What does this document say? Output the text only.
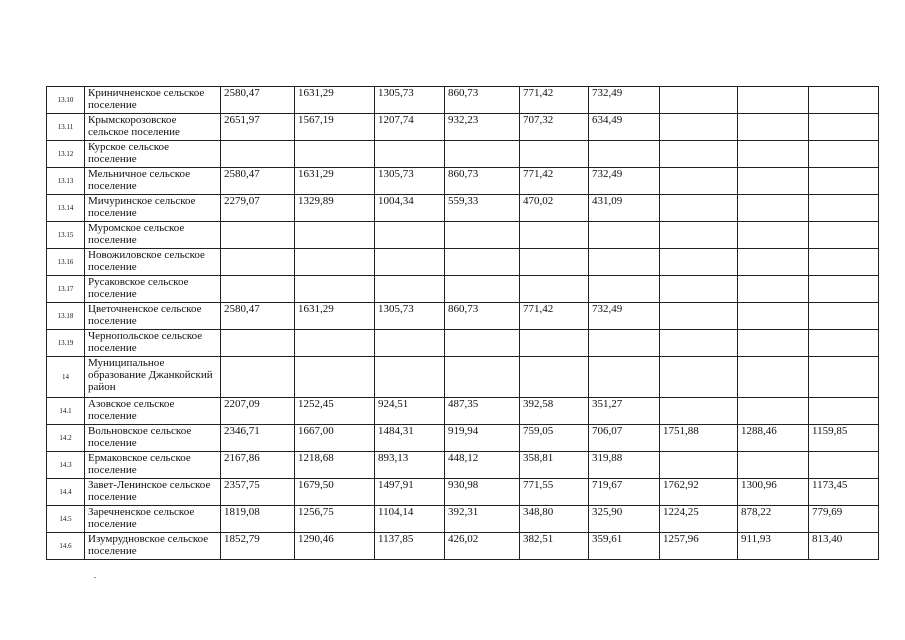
13.10	Криничненское сельское поселение	2580,47	1631,29	1305,73	860,73	771,42	732,49			
13.11	Крымскорозовское сельское поселение	2651,97	1567,19	1207,74	932,23	707,32	634,49			
13.12	Курское сельское поселение									
13.13	Мельничное сельское поселение	2580,47	1631,29	1305,73	860,73	771,42	732,49			
13.14	Мичуринское сельское поселение	2279,07	1329,89	1004,34	559,33	470,02	431,09			
13.15	Муромское сельское поселение									
13.16	Новожиловское сельское поселение									
13.17	Русаковское сельское поселение									
13.18	Цветочненское сельское поселение	2580,47	1631,29	1305,73	860,73	771,42	732,49			
13.19	Чернопольское сельское поселение									
14	Муниципальное образование Джанкойский район									
14.1	Азовское сельское поселение	2207,09	1252,45	924,51	487,35	392,58	351,27			
14.2	Вольновское сельское поселение	2346,71	1667,00	1484,31	919,94	759,05	706,07	1751,88	1288,46	1159,85
14.3	Ермаковское сельское поселение	2167,86	1218,68	893,13	448,12	358,81	319,88			
14.4	Завет-Ленинское сельское поселение	2357,75	1679,50	1497,91	930,98	771,55	719,67	1762,92	1300,96	1173,45
14.5	Заречненское сельское поселение	1819,08	1256,75	1104,14	392,31	348,80	325,90	1224,25	878,22	779,69
14.6	Изумрудновское сельское поселение	1852,79	1290,46	1137,85	426,02	382,51	359,61	1257,96	911,93	813,40
